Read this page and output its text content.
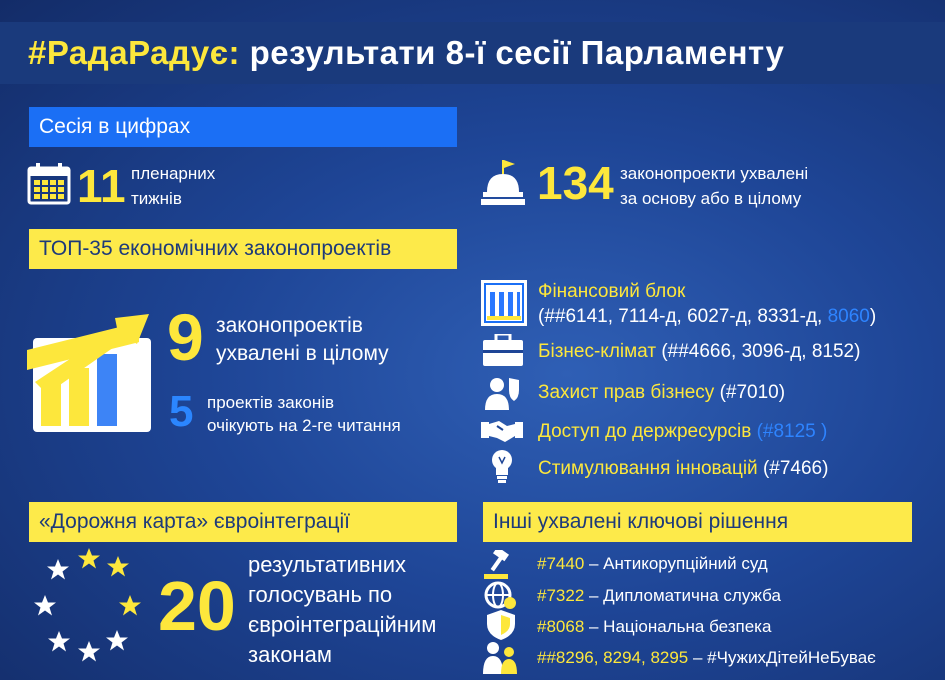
#РадаРадує: результати 8-ї сесії Парламенту
Сесія в цифрах
11 пленарних
тижнів	134 законопроекти ухвалені
за основу або в цілому
ТОП-35 економічних законопроектів
9 законопроектів
ухвалені в цілому
5 проектів законів
очікують на 2-ге читання
Фінансовий блок
(##6141, 7114-д, 6027-д, 8331-д, 8060)
Бізнес-клімат (##4666, 3096-д, 8152)
Захист прав бізнесу (#7010)
Доступ до держресурсів (#8125 )
Стимулювання інновацій (#7466)
«Дорожня карта» євроінтеграції
20
результативних
голосувань по
євроінтеграційним
законам
Інші ухвалені ключові рішення
#7440 – Антикорупційний суд
#7322 – Дипломатична служба
#8068 – Національна безпека
##8296, 8294, 8295 – #ЧужихДітейНеБуває
